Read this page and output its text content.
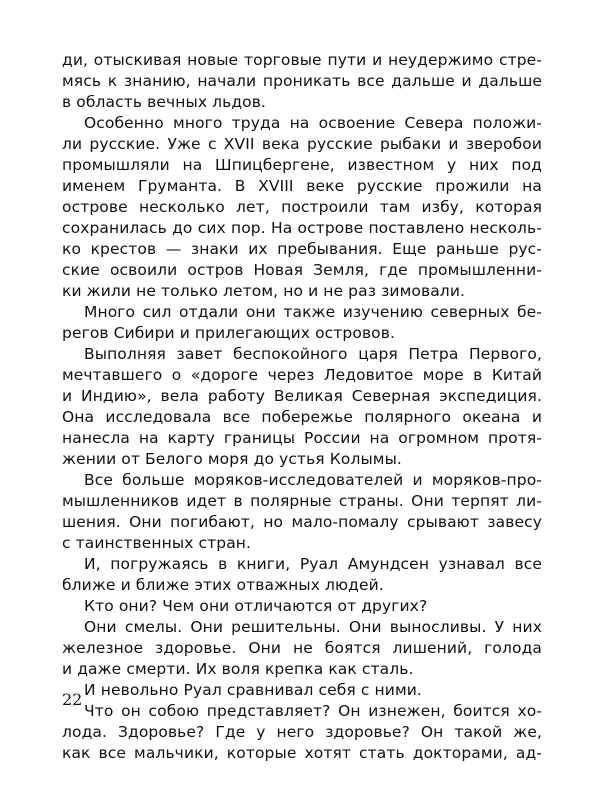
ди, отыскивая новые торговые пути и неудержимо стре-
мясь к знанию, начали проникать все дальше и дальше
в область вечных льдов.
Особенно много труда на освоение Севера положи-
ли русские. Уже с XVII века русские рыбаки и зверобои
промышляли на Шпицбергене, известном у них под
именем Груманта. В XVIII веке русские прожили на
острове несколько лет, построили там избу, которая
сохранилась до сих пор. На острове поставлено несколь-
ко крестов — знаки их пребывания. Еще раньше рус-
ские освоили остров Новая Земля, где промышленни-
ки жили не только летом, но и не раз зимовали.
Много сил отдали они также изучению северных бе-
регов Сибири и прилегающих островов.
Выполняя завет беспокойного царя Петра Первого,
мечтавшего о «дороге через Ледовитое море в Китай
и Индию», вела работу Великая Северная экспедиция.
Она исследовала все побережье полярного океана и
нанесла на карту границы России на огромном протя-
жении от Белого моря до устья Колымы.
Все больше моряков-исследователей и моряков-про-
мышленников идет в полярные страны. Они терпят ли-
шения. Они погибают, но мало-помалу срывают завесу
с таинственных стран.
И, погружаясь в книги, Руал Амундсен узнавал все
ближе и ближе этих отважных людей.
Кто они? Чем они отличаются от других?
Они смелы. Они решительны. Они выносливы. У них
железное здоровье. Они не боятся лишений, голода
и даже смерти. Их воля крепка как сталь.
И невольно Руал сравнивал себя с ними.
Что он собою представляет? Он изнежен, боится хо-
лода. Здоровье? Где у него здоровье? Он такой же,
как все мальчики, которые хотят стать докторами, ад-
22
